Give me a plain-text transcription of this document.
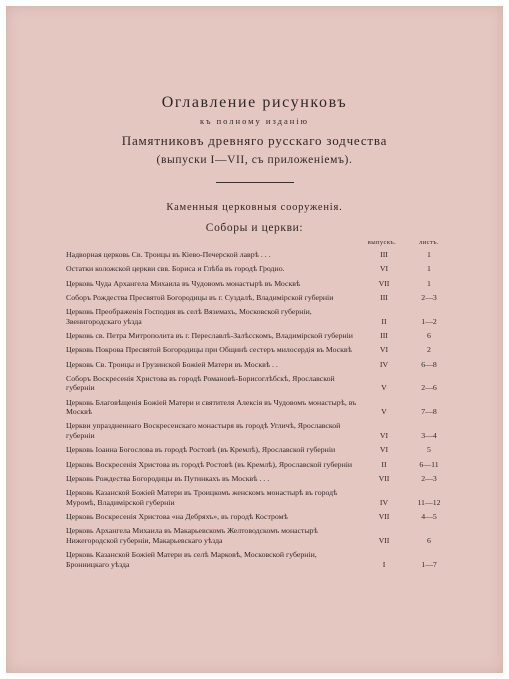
Оглавление рисунковъ
къ полному изданію
Памятниковъ древняго русскаго зодчества
(выпуски I—VII, съ приложеніемъ).
Каменныя церковныя сооруженія.
Соборы и церкви:
выпускъ.	листъ.
Надворная церковь Св. Троицы въ Кіево-Печерской лаврѣ . . .	III	1
Остатки коложской церкви свв. Бориса и Глѣба въ городѣ Гродно.	VI	1
Церковь Чуда Архангела Михаила въ Чудовомъ монастырѣ въ Москвѣ	VII	1
Соборъ Рождества Пресвятой Богородицы въ г. Суздалѣ, Владимірской губерніи	III	2—3
Церковь Преображенія Господня въ селѣ Вяземахъ, Московской губерніи, Звенигородскаго уѣзда	II	1—2
Церковь св. Петра Митрополита въ г. Переславлѣ-Залѣсскомъ, Владимірской губерніи	III	6
Церковь Покрова Пресвятой Богородицы при Общинѣ сестеръ милосердія въ Москвѣ	VI	2
Церковь Св. Троицы и Грузинской Божіей Матери въ Москвѣ . .	IV	6—8
Соборъ Воскресенія Христова въ городѣ Романовѣ-Борисоглѣбскѣ, Ярославской губерніи	V	2—6
Церковь Благовѣщенія Божіей Матери и святителя Алексія въ Чудовомъ монастырѣ, въ Москвѣ	V	7—8
Церкви упраздненнаго Воскресенскаго монастыря въ городѣ Угличѣ, Ярославской губерніи	VI	3—4
Церковь Іоанна Богослова въ городѣ Ростовѣ (въ Кремлѣ), Ярославской губерніи	VI	5
Церковь Воскресенія Христова въ городѣ Ростовѣ (въ Кремлѣ), Ярославской губерніи	II	6—11
Церковь Рождества Богородицы въ Путинкахъ въ Москвѣ . . .	VII	2—3
Церковь Казанской Божіей Матери въ Троицкомъ женскомъ монастырѣ въ городѣ Муромѣ, Владимірской губерніи	IV	11—12
Церковь Воскресенія Христова «на Дебряхъ», въ городѣ Костромѣ	VII	4—5
Церковь Архангела Михаила въ Макарьевскомъ Желтоводскомъ монастырѣ Нижегородской губерніи, Макарьевскаго уѣзда	VII	6
Церковь Казанской Божіей Матери въ селѣ Марковѣ, Московской губерніи, Бронницкаго уѣзда	I	1—7
